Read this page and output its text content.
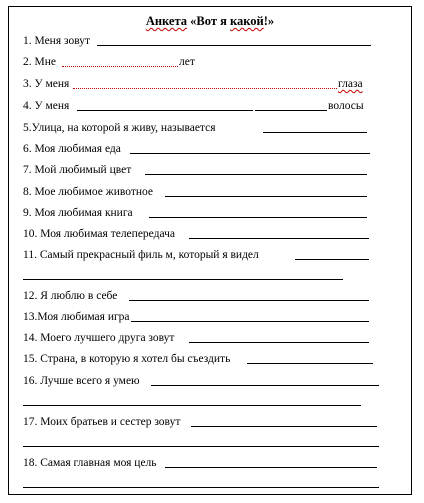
Анкета «Вот я какой!»
1. Меня зовут
2. Мне	лет
3. У меня	глаза
4. У меня	волосы
5.Улица, на которой я живу, называется
6. Моя любимая еда
7. Мой любимый цвет
8. Мое любимое животное
9. Моя любимая книга
10. Моя любимая телепередача
11. Самый прекрасный филь м, который я видел
12. Я люблю в себе
13.Моя любимая игра
14. Моего лучшего друга зовут
15. Страна, в которую я хотел бы съездить
16. Лучше всего я умею
17. Моих братьев и сестер зовут
18. Самая главная моя цель
